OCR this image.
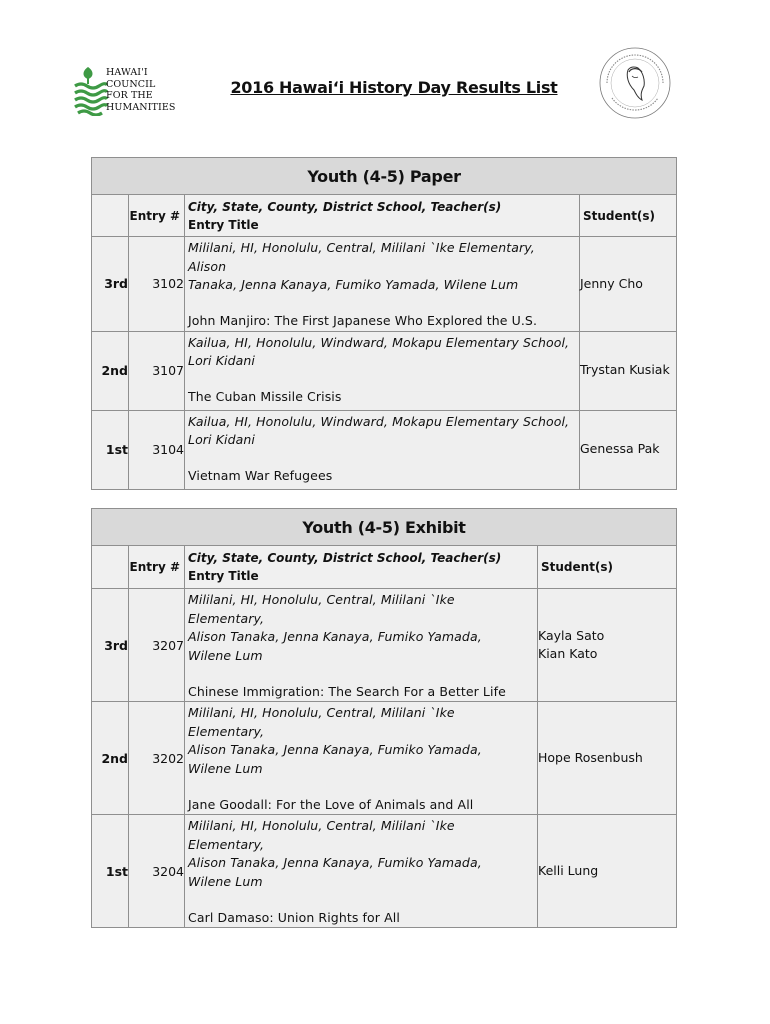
HAWAI'I
COUNCIL
FOR THE
HUMANITIES
2016 Hawaiʻi History Day Results List
Youth (4-5) Paper			
	Entry #	City, State, County, District School, Teacher(s)
Entry Title	Student(s)
3rd	3102	Mililani, HI, Honolulu, Central, Mililani `Ike Elementary, Alison
Tanaka, Jenna Kanaya, Fumiko Yamada, Wilene Lum
John Manjiro: The First Japanese Who Explored the U.S.	Jenny Cho

2nd	3107	Kailua, HI, Honolulu, Windward, Mokapu Elementary School,
Lori Kidani
The Cuban Missile Crisis	Trystan Kusiak

1st	3104	Kailua, HI, Honolulu, Windward, Mokapu Elementary School,
Lori Kidani
Vietnam War Refugees	Genessa Pak
Youth (4-5) Exhibit			
	Entry #	City, State, County, District School, Teacher(s)
Entry Title	Student(s)
3rd	3207	Mililani, HI, Honolulu, Central, Mililani `Ike Elementary,
Alison Tanaka, Jenna Kanaya, Fumiko Yamada,
Wilene Lum
Chinese Immigration: The Search For a Better Life	Kayla Sato
Kian Kato

2nd	3202	Mililani, HI, Honolulu, Central, Mililani `Ike Elementary,
Alison Tanaka, Jenna Kanaya, Fumiko Yamada,
Wilene Lum
Jane Goodall: For the Love of Animals and All	Hope Rosenbush

1st	3204	Mililani, HI, Honolulu, Central, Mililani `Ike Elementary,
Alison Tanaka, Jenna Kanaya, Fumiko Yamada,
Wilene Lum
Carl Damaso: Union Rights for All	Kelli Lung
